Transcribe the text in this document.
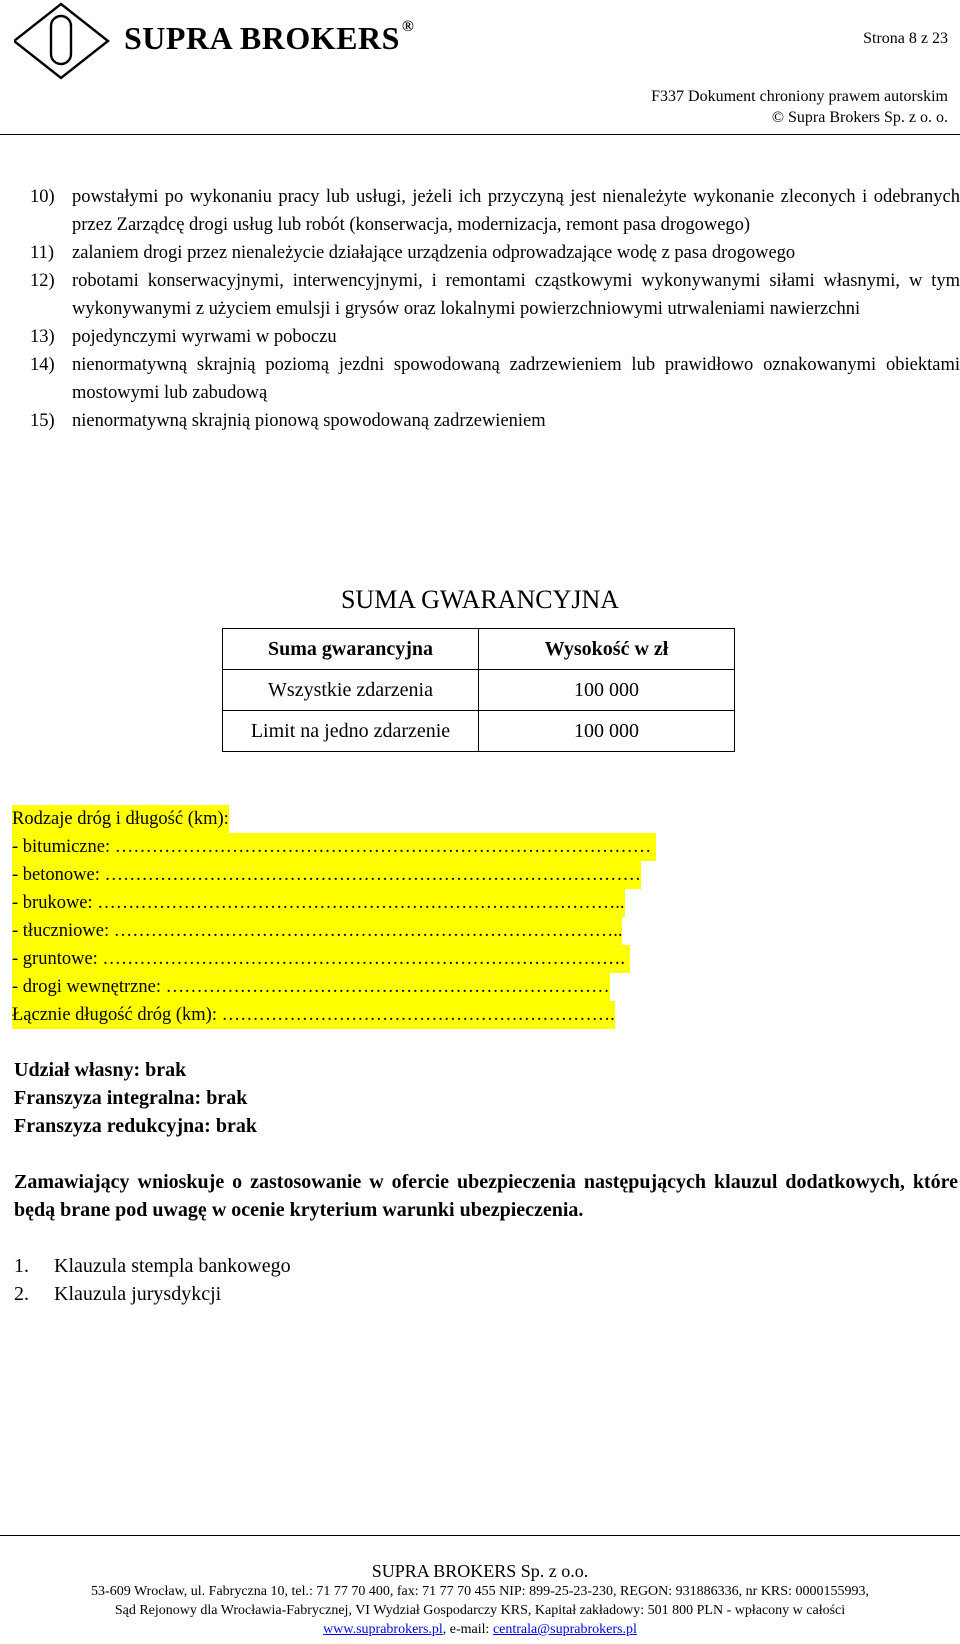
SUPRA BROKERS ®
Strona 8 z 23
F337 Dokument chroniony prawem autorskim
© Supra Brokers Sp. z o. o.
10) powstałymi po wykonaniu pracy lub usługi, jeżeli ich przyczyną jest nienależyte wykonanie zleconych i odebranych przez Zarządcę drogi usług lub robót (konserwacja, modernizacja, remont pasa drogowego)
11) zalaniem drogi przez nienależycie działające urządzenia odprowadzające wodę z pasa drogowego
12) robotami konserwacyjnymi, interwencyjnymi, i remontami cząstkowymi wykonywanymi siłami własnymi, w tym wykonywanymi z użyciem emulsji i grysów oraz lokalnymi powierzchniowymi utrwaleniami nawierzchni
13) pojedynczymi wyrwami w poboczu
14) nienormatywną skrajnią poziomą jezdni spowodowaną zadrzewieniem lub prawidłowo oznakowanymi obiektami mostowymi lub zabudową
15) nienormatywną skrajnią pionową spowodowaną zadrzewieniem
SUMA GWARANCYJNA
Suma gwarancyjna	Wysokość w zł
Wszystkie zdarzenia	100 000
Limit na jedno zdarzenie	100 000
Rodzaje dróg i długość (km):
- bitumiczne: ……………………………………………………………………………
- betonowe: ……………………………………………………………………………
- brukowe: …………………………………………………………………………..
- tłuczniowe: ………………………………………………………………………..
- gruntowe: ………………………………………………………………………….
- drogi wewnętrzne: ………………………………………………………………
Łącznie długość dróg (km): ……………………………………………………….
Udział własny: brak
Franszyza integralna: brak
Franszyza redukcyjna: brak
Zamawiający wnioskuje o zastosowanie w ofercie ubezpieczenia następujących klauzul dodatkowych, które będą brane pod uwagę w ocenie kryterium warunki ubezpieczenia.
1. Klauzula stempla bankowego
2. Klauzula jurysdykcji
SUPRA BROKERS Sp. z o.o.
53-609 Wrocław, ul. Fabryczna 10, tel.: 71 77 70 400, fax: 71 77 70 455 NIP: 899-25-23-230, REGON: 931886336, nr KRS: 0000155993,
Sąd Rejonowy dla Wrocławia-Fabrycznej, VI Wydział Gospodarczy KRS, Kapitał zakładowy: 501 800 PLN - wpłacony w całości
www.suprabrokers.pl, e-mail: centrala@suprabrokers.pl
